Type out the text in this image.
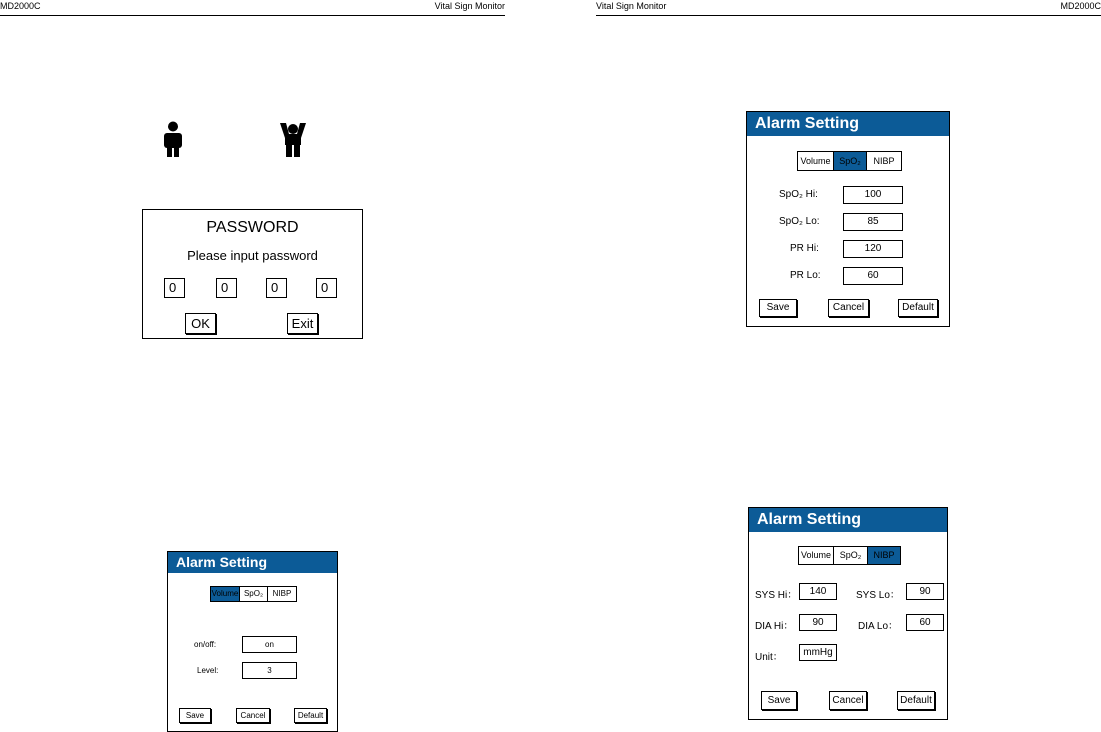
MD2000C	Vital Sign Monitor	Vital Sign Monitor	MD2000C
PASSWORD
Please input password
0	0	0	0
OK	Exit
Alarm Setting
Volume SpO₂	NIBP
SpO₂ Hi:	100
SpO₂ Lo:	85
PR Hi:	120
PR Lo:	60
Save	Cancel	Default
Alarm Setting
Volume SpO₂	NIBP
on/off:	on
Level:	3
Save	Cancel	Default
Alarm Setting
Volume SpO₂	NIBP
SYS Hi：	140	SYS Lo：	90
DIA Hi：	90	DIA Lo：	60
Unit：	mmHg
Save	Cancel	Default
